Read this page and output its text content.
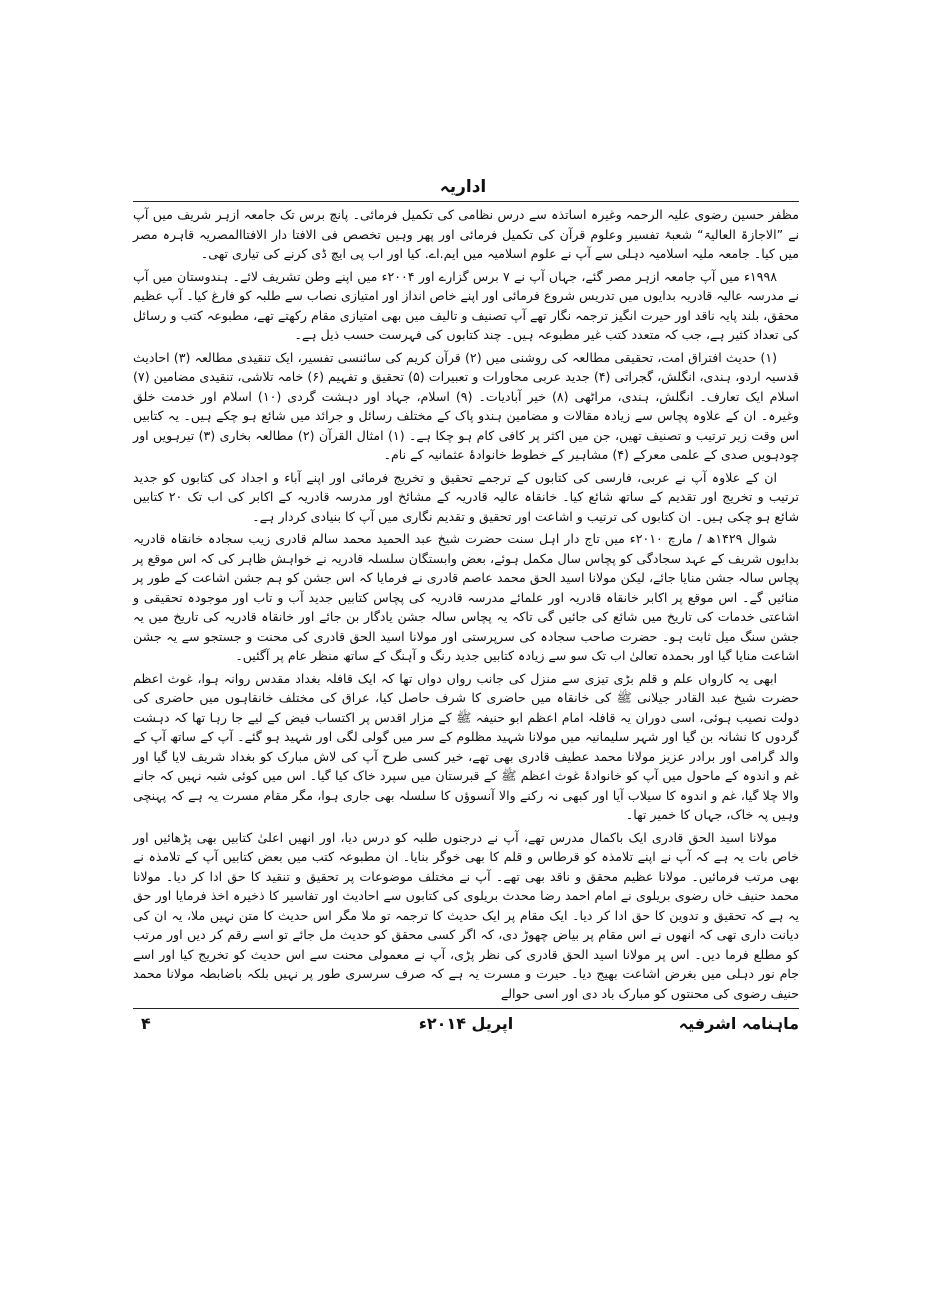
اداریہ

مظفر حسین رضوی علیہ الرحمہ وغیرہ اساتذہ سے درس نظامی کی تکمیل فرمائی۔ پانچ برس تک جامعہ ازہر شریف میں آپ نے ”الاجازۃ العالیۃ“ شعبۂ تفسیر وعلوم قرآن کی تکمیل فرمائی اور پھر وہیں تخصص فی الافتا دار الافتاالمصریہ قاہرہ مصر میں کیا۔ جامعہ ملیہ اسلامیہ دہلی سے آپ نے علوم اسلامیہ میں ایم.اے. کیا اور اب پی ایچ ڈی کرنے کی تیاری تھی۔

۱۹۹۸ء میں آپ جامعہ ازہر مصر گئے، جہاں آپ نے ۷ برس گزارے اور ۲۰۰۴ء میں اپنے وطن تشریف لائے۔ ہندوستان میں آپ نے مدرسہ عالیہ قادریہ بدایوں میں تدریس شروع فرمائی اور اپنے خاص انداز اور امتیازی نصاب سے طلبہ کو فارغ کیا۔ آپ عظیم محقق، بلند پایہ ناقد اور حیرت انگیز ترجمہ نگار تھے آپ تصنیف و تالیف میں بھی امتیازی مقام رکھتے تھے، مطبوعہ کتب و رسائل کی تعداد کثیر ہے، جب کہ متعدد کتب غیر مطبوعہ ہیں۔ چند کتابوں کی فہرست حسب ذیل ہے۔

(۱) حدیث افتراق امت، تحقیقی مطالعہ کی روشنی میں (۲) قرآن کریم کی سائنسی تفسیر، ایک تنقیدی مطالعہ (۳) احادیث قدسیہ اردو، ہندی، انگلش، گجراتی (۴) جدید عربی محاورات و تعبیرات (۵) تحقیق و تفہیم (۶) خامہ تلاشی، تنقیدی مضامین (۷) اسلام ایک تعارف۔ انگلش، ہندی، مراٹھی (۸) خیر آبادیات۔ (۹) اسلام، جہاد اور دہشت گردی (۱۰) اسلام اور خدمت خلق وغیرہ۔ ان کے علاوہ پچاس سے زیادہ مقالات و مضامین ہندو پاک کے مختلف رسائل و جرائد میں شائع ہو چکے ہیں۔ یہ کتابیں اس وقت زیر ترتیب و تصنیف تھیں، جن میں اکثر پر کافی کام ہو چکا ہے۔ (۱) امثال القرآن (۲) مطالعہ بخاری (۳) تیرہویں اور چودہویں صدی کے علمی معرکے (۴) مشاہیر کے خطوط خانوادۂ عثمانیہ کے نام۔

ان کے علاوہ آپ نے عربی، فارسی کی کتابوں کے ترجمے تحقیق و تخریج فرمائی اور اپنے آباء و اجداد کی کتابوں کو جدید ترتیب و تخریج اور تقدیم کے ساتھ شائع کیا۔ خانقاہ عالیہ قادریہ کے مشائخ اور مدرسہ قادریہ کے اکابر کی اب تک ۲۰ کتابیں شائع ہو چکی ہیں۔ ان کتابوں کی ترتیب و اشاعت اور تحقیق و تقدیم نگاری میں آپ کا بنیادی کردار ہے۔

شوال ۱۴۲۹ھ / مارچ ۲۰۱۰ء میں تاج دار اہل سنت حضرت شیخ عبد الحمید محمد سالم قادری زیب سجادہ خانقاہ قادریہ بدایوں شریف کے عہد سجادگی کو پچاس سال مکمل ہوئے، بعض وابستگان سلسلہ قادریہ نے خواہش ظاہر کی کہ اس موقع پر پچاس سالہ جشن منایا جائے، لیکن مولانا اسید الحق محمد عاصم قادری نے فرمایا کہ اس جشن کو ہم جشن اشاعت کے طور پر منائیں گے۔ اس موقع پر اکابر خانقاہ قادریہ اور علمائے مدرسہ قادریہ کی پچاس کتابیں جدید آب و تاب اور موجودہ تحقیقی و اشاعتی خدمات کی تاریخ میں شائع کی جائیں گی تاکہ یہ پچاس سالہ جشن یادگار بن جائے اور خانقاہ قادریہ کی تاریخ میں یہ جشن سنگ میل ثابت ہو۔ حضرت صاحب سجادہ کی سرپرستی اور مولانا اسید الحق قادری کی محنت و جستجو سے یہ جشن اشاعت منایا گیا اور بحمدہ تعالیٰ اب تک سو سے زیادہ کتابیں جدید رنگ و آہنگ کے ساتھ منظر عام پر آگئیں۔

ابھی یہ کارواں علم و قلم بڑی تیزی سے منزل کی جانب رواں دواں تھا کہ ایک قافلہ بغداد مقدس روانہ ہوا، غوث اعظم حضرت شیخ عبد القادر جیلانی ﷺ کی خانقاہ میں حاضری کا شرف حاصل کیا، عراق کی مختلف خانقاہوں میں حاضری کی دولت نصیب ہوئی، اسی دوران یہ قافلہ امام اعظم ابو حنیفہ ﷺ کے مزار اقدس پر اکتساب فیض کے لیے جا رہا تھا کہ دہشت گردوں کا نشانہ بن گیا اور شہر سلیمانیہ میں مولانا شہید مظلوم کے سر میں گولی لگی اور شہید ہو گئے۔ آپ کے ساتھ آپ کے والد گرامی اور برادر عزیز مولانا محمد عطیف قادری بھی تھے، خیر کسی طرح آپ کی لاش مبارک کو بغداد شریف لایا گیا اور غم و اندوہ کے ماحول میں آپ کو خانوادۂ غوث اعظم ﷺ کے قبرستان میں سپرد خاک کیا گیا۔ اس میں کوئی شبہ نہیں کہ جانے والا چلا گیا، غم و اندوہ کا سیلاب آیا اور کبھی نہ رکنے والا آنسوؤں کا سلسلہ بھی جاری ہوا، مگر مقام مسرت یہ ہے کہ پہنچی وہیں پہ خاک، جہاں کا خمیر تھا۔

مولانا اسید الحق قادری ایک باکمال مدرس تھے، آپ نے درجنوں طلبہ کو درس دیا، اور انھیں اعلیٰ کتابیں بھی پڑھائیں اور خاص بات یہ ہے کہ آپ نے اپنے تلامذہ کو قرطاس و قلم کا بھی خوگر بنایا۔ ان مطبوعہ کتب میں بعض کتابیں آپ کے تلامذہ نے بھی مرتب فرمائیں۔ مولانا عظیم محقق و ناقد بھی تھے۔ آپ نے مختلف موضوعات پر تحقیق و تنقید کا حق ادا کر دیا۔ مولانا محمد حنیف خاں رضوی بریلوی نے امام احمد رضا محدث بریلوی کی کتابوں سے احادیث اور تفاسیر کا ذخیرہ اخذ فرمایا اور حق یہ ہے کہ تحقیق و تدوین کا حق ادا کر دیا۔ ایک مقام پر ایک حدیث کا ترجمہ تو ملا مگر اس حدیث کا متن نہیں ملا، یہ ان کی دیانت داری تھی کہ انھوں نے اس مقام پر بیاض چھوڑ دی، کہ اگر کسی محقق کو حدیث مل جائے تو اسے رقم کر دیں اور مرتب کو مطلع فرما دیں۔ اس پر مولانا اسید الحق قادری کی نظر پڑی، آپ نے معمولی محنت سے اس حدیث کو تخریج کیا اور اسے جام نور دہلی میں بغرض اشاعت بھیج دیا۔ حیرت و مسرت یہ ہے کہ صرف سرسری طور پر نہیں بلکہ باضابطہ مولانا محمد حنیف رضوی کی محنتوں کو مبارک باد دی اور اسی حوالے

ماہنامہ اشرفیہ
اپریل ۲۰۱۴ء
۴
